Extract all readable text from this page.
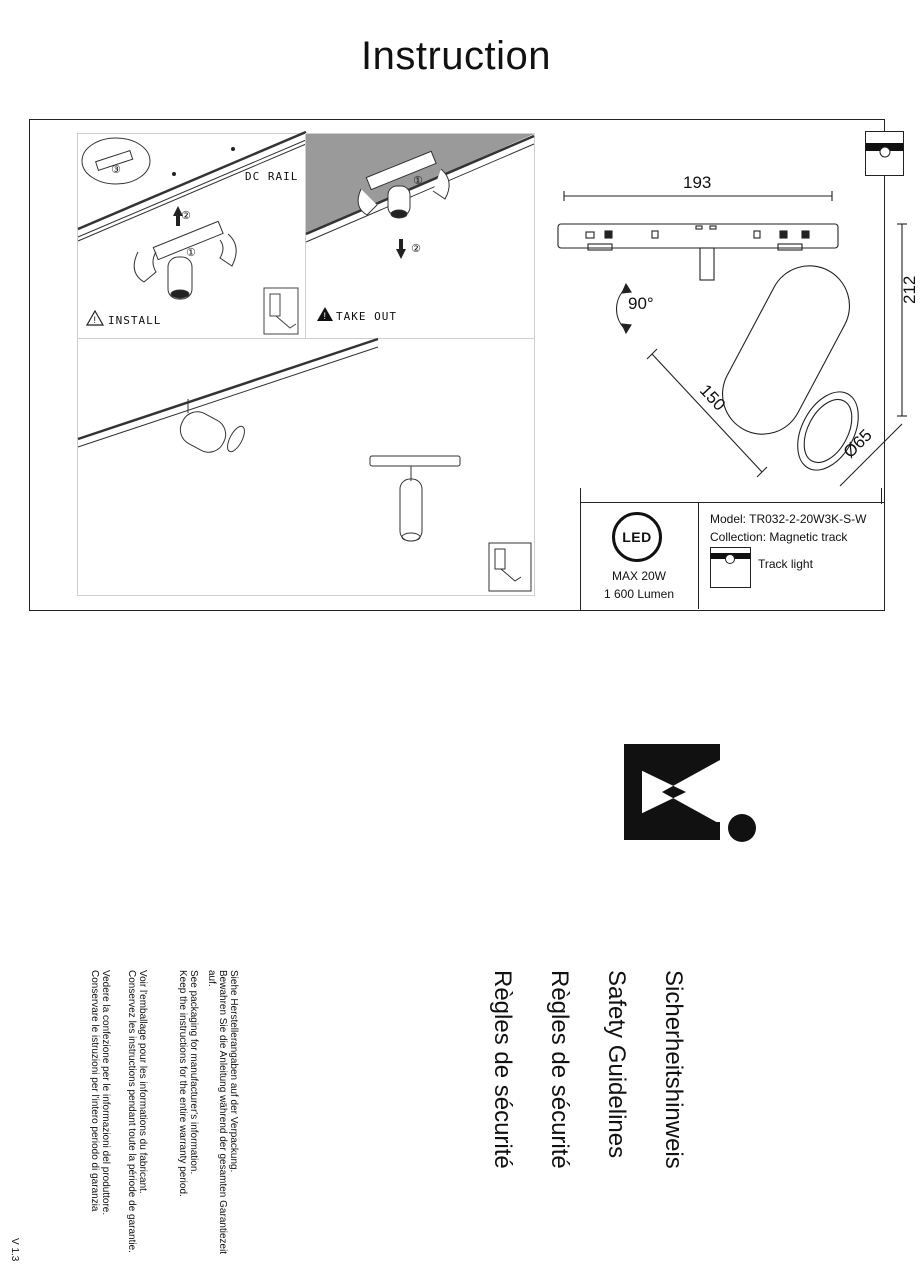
Instruction
③
②
①
DC RAIL
! INSTALL
①
②
! TAKE OUT
193
212
150
Ø65
90°
LED
MAX 20W
1 600 Lumen
Model: TR032-2-20W3K-S-W
Collection: Magnetic track
Track light
Sicherheitshinweis
Safety Guidelines
Règles de sécurité
Règles de sécurité
Siehe Herstellerangaben auf der Verpackung.
Bewahren Sie die Anleitung während der gesamten Garantiezeit
auf.
See packaging for manufacturer's information.
Keep the instructions for the entire warranty period.
Voir l'emballage pour les informations du fabricant.
Conservez les instructions pendant toute la période de garantie.
Vedere la confezione per le informazioni del produttore.
Conservare le istruzioni per l'intero periodo di garanzia
V 1.3
